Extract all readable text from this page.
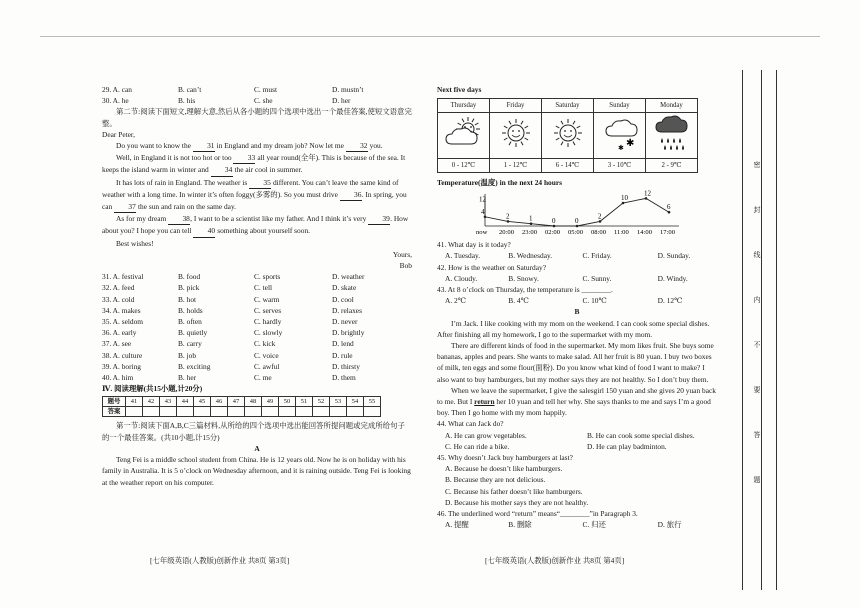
29. A. can	B. can’t	C. must	D. mustn’t
30. A. he	B. his	C. she	D. her

第二节:阅读下面短文,理解大意,然后从各小题的四个选项中选出一个最佳答案,使短文语意完整。

Dear Peter,

Do you want to know the 31 in England and my dream job? Now let me 32 you.

Well, in England it is not too hot or too 33 all year round(全年). This is because of the sea. It keeps the island warm in winter and 34 the air cool in summer.

It has lots of rain in England. The weather is 35 different. You can’t leave the same kind of weather with a long time. In winter it’s often foggy(多雾的). So you must drive 36. In spring, you can 37 the sun and rain on the same day.

As for my dream 38, I want to be a scientist like my father. And I think it’s very 39. How about you? I hope you can tell 40 something about yourself soon.

Best wishes!

Yours,

Bob

31. A. festival	B. food	C. sports	D. weather
32. A. feed	B. pick	C. tell	D. skate
33. A. cold	B. hot	C. warm	D. cool
34. A. makes	B. holds	C. serves	D. relaxes
35. A. seldom	B. often	C. hardly	D. never
36. A. early	B. quietly	C. slowly	D. brightly
37. A. see	B. carry	C. kick	D. lend
38. A. culture	B. job	C. voice	D. rule
39. A. boring	B. exciting	C. awful	D. thirsty
40. A. him	B. her	C. me	D. them

Ⅳ. 阅读理解(共15小题,计20分)

题号	41	42	43	44	45	46	47	48	49	50	51	52	53	54	55
答案															

第一节:阅读下面A,B,C三篇材料,从所给的四个选项中选出能回答所提问题或完成所给句子的一个最佳答案。(共10小题,计15分)

A

Teng Fei is a middle school student from China. He is 12 years old. Now he is on holiday with his family in Australia. It is 5 o’clock on Wednesday afternoon, and it is raining outside. Teng Fei is looking at the weather report on his computer.

[七年级英语(人教版)创新作业 共8页 第3页]

Next five days

Thursday	Friday	Saturday	Sunday	Monday

✱
✱

0 - 12℃	1 - 12℃	6 - 14℃	3 - 10℃	2 - 9℃

Temperature(温度) in the next 24 hours

12
4
now
2
20:00
1
23:00
0
02:00
0
05:00
2
08:00
10
11:00
12
14:00
6
17:00

41. What day is it today?

A. Tuesday.	B. Wednesday.	C. Friday.	D. Sunday.

42. How is the weather on Saturday?

A. Cloudy.	B. Snowy.	C. Sunny.	D. Windy.

43. At 8 o’clock on Thursday, the temperature is ________.

A. 2℃	B. 4℃	C. 10℃	D. 12℃

B

I’m Jack. I like cooking with my mom on the weekend. I can cook some special dishes. After finishing all my homework, I go to the supermarket with my mom.

There are different kinds of food in the supermarket. My mom likes fruit. She buys some bananas, apples and pears. She wants to make salad. All her fruit is 80 yuan. I buy two boxes of milk, ten eggs and some flour(面粉). Do you know what kind of food I want to make? I also want to buy hamburgers, but my mother says they are not healthy. So I don’t buy them.

When we leave the supermarket, I give the salesgirl 150 yuan and she gives 20 yuan back to me. But I return her 10 yuan and tell her why. She says thanks to me and says I’m a good boy. Then I go home with my mom happily.

44. What can Jack do?

A. He can grow vegetables.	B. He can cook some special dishes.
C. He can ride a bike.	D. He can play badminton.

45. Why doesn’t Jack buy hamburgers at last?

A. Because he doesn’t like hamburgers.

B. Because they are not delicious.

C. Because his father doesn’t like hamburgers.

D. Because his mother says they are not healthy.

46. The underlined word “return” means“________”in Paragraph 3.

A. 提醒	B. 删除	C. 归还	D. 旅行
[七年级英语(人教版)创新作业 共8页 第4页]
密
封
线
内
不
要
答
题
